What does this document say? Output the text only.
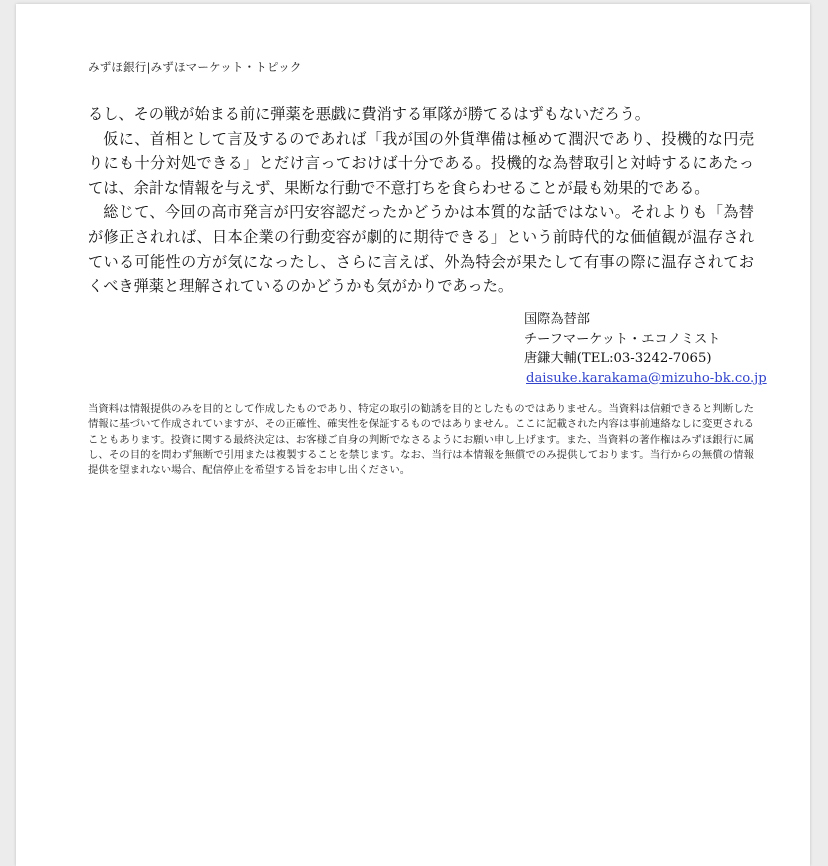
みずほ銀行|みずほマーケット・トピック

るし、その戦が始まる前に弾薬を悪戯に費消する軍隊が勝てるはずもないだろう。

仮に、首相として言及するのであれば「我が国の外貨準備は極めて潤沢であり、投機的な円売りにも十分対処できる」とだけ言っておけば十分である。投機的な為替取引と対峙するにあたっては、余計な情報を与えず、果断な行動で不意打ちを食らわせることが最も効果的である。

総じて、今回の高市発言が円安容認だったかどうかは本質的な話ではない。それよりも「為替が修正されれば、日本企業の行動変容が劇的に期待できる」という前時代的な価値観が温存されている可能性の方が気になったし、さらに言えば、外為特会が果たして有事の際に温存されておくべき弾薬と理解されているのかどうかも気がかりであった。

国際為替部
チーフマーケット・エコノミスト
唐鎌大輔(TEL:03-3242-7065)
daisuke.karakama@mizuho-bk.co.jp

当資料は情報提供のみを目的として作成したものであり、特定の取引の勧誘を目的としたものではありません。当資料は信頼できると判断した情報に基づいて作成されていますが、その正確性、確実性を保証するものではありません。ここに記載された内容は事前連絡なしに変更されることもあります。投資に関する最終決定は、お客様ご自身の判断でなさるようにお願い申し上げます。また、当資料の著作権はみずほ銀行に属し、その目的を問わず無断で引用または複製することを禁じます。なお、当行は本情報を無償でのみ提供しております。当行からの無償の情報提供を望まれない場合、配信停止を希望する旨をお申し出ください。
